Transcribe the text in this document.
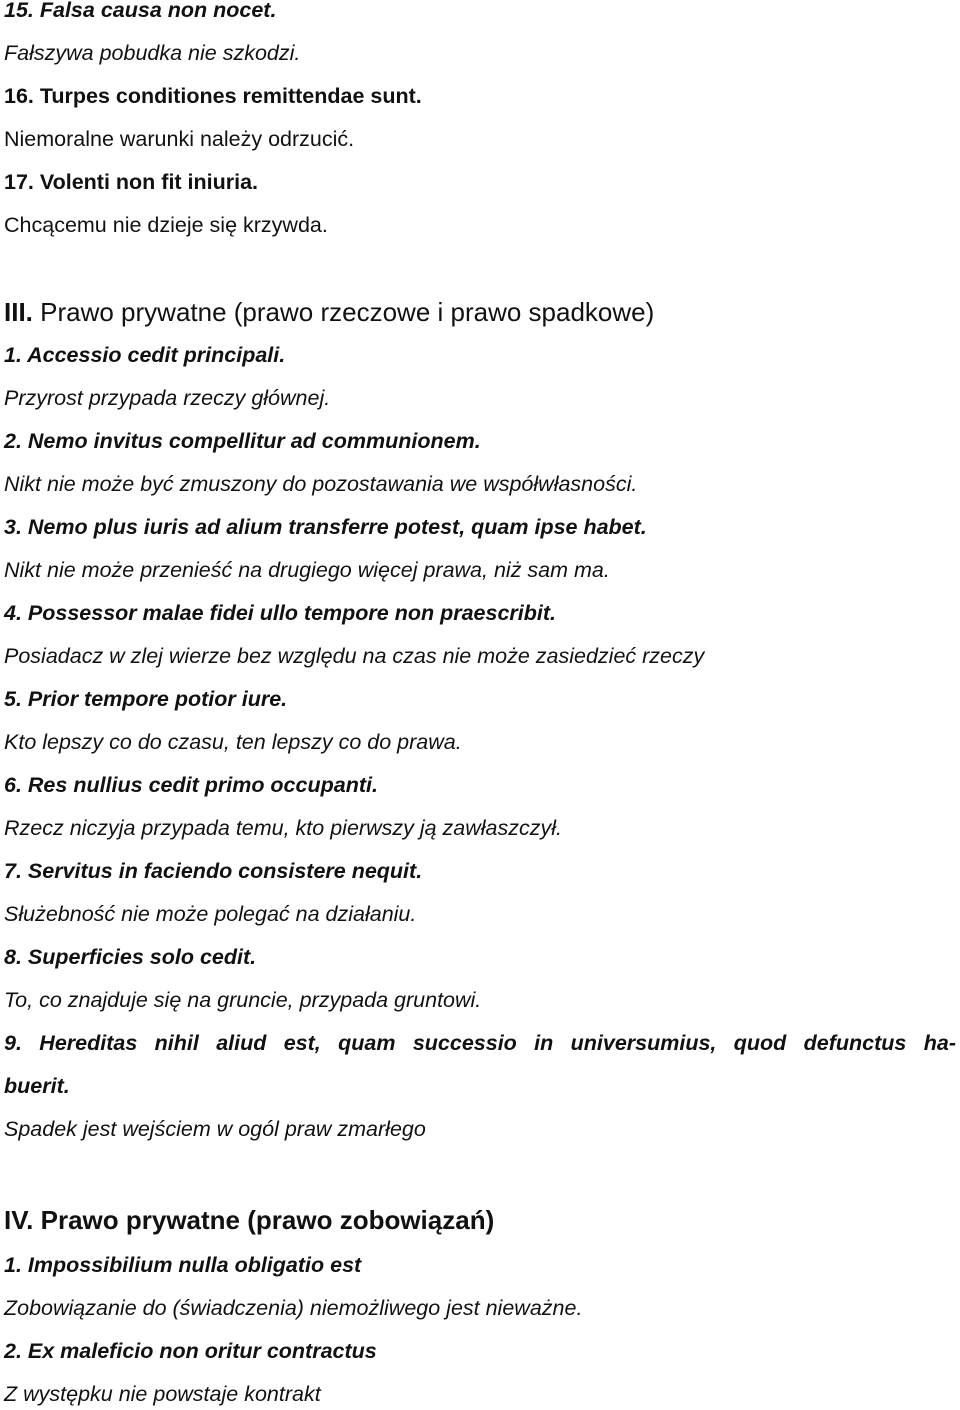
15. Falsa causa non nocet.
Fałszywa pobudka nie szkodzi.
16. Turpes conditiones remittendae sunt.
Niemoralne warunki należy odrzucić.
17. Volenti non fit iniuria.
Chcącemu nie dzieje się krzywda.
III. Prawo prywatne (prawo rzeczowe i prawo spadkowe)
1. Accessio cedit principali.
Przyrost przypada rzeczy głównej.
2. Nemo invitus compellitur ad communionem.
Nikt nie może być zmuszony do pozostawania we współwłasności.
3. Nemo plus iuris ad alium transferre potest, quam ipse habet.
Nikt nie może przenieść na drugiego więcej prawa, niż sam ma.
4. Possessor malae fidei ullo tempore non praescribit.
Posiadacz w zlej wierze bez względu na czas nie może zasiedzieć rzeczy
5. Prior tempore potior iure.
Kto lepszy co do czasu, ten lepszy co do prawa.
6. Res nullius cedit primo occupanti.
Rzecz niczyja przypada temu, kto pierwszy ją zawłaszczył.
7. Servitus in faciendo consistere nequit.
Służebność nie może polegać na działaniu.
8. Superficies solo cedit.
To, co znajduje się na gruncie, przypada gruntowi.
9. Hereditas nihil aliud est, quam successio in universumius, quod defunctus ha-
buerit.
Spadek jest wejściem w ogól praw zmarłego
IV. Prawo prywatne (prawo zobowiązań)
1. Impossibilium nulla obligatio est
Zobowiązanie do (świadczenia) niemożliwego jest nieważne.
2. Ex maleficio non oritur contractus
Z występku nie powstaje kontrakt
